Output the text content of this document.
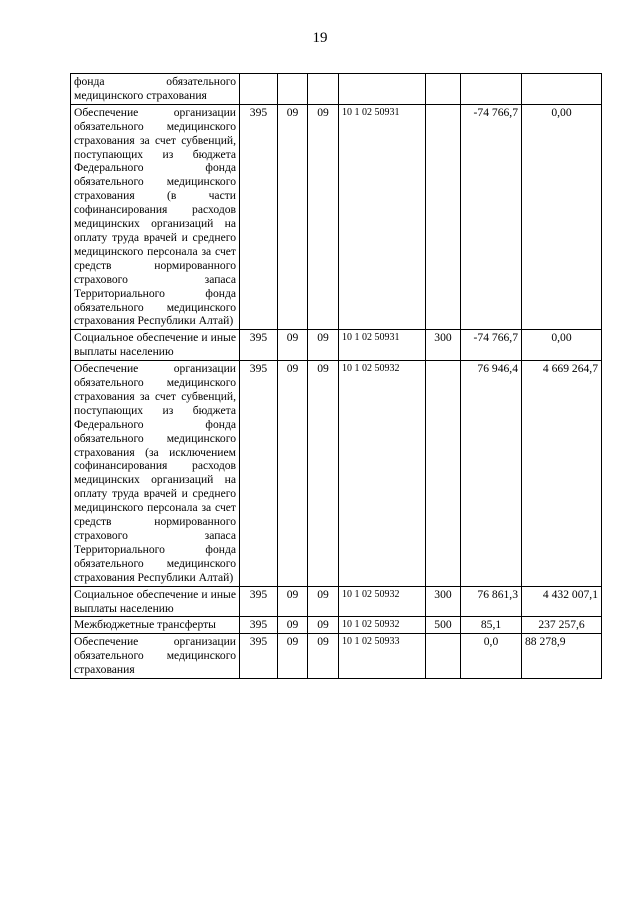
19
фонда обязательного медицинского страхования							
Обеспечение организации обязательного медицинского страхования за счет субвенций, поступающих из бюджета Федерального фонда обязательного медицинского страхования (в части софинансирования расходов медицинских организаций на оплату труда врачей и среднего медицинского персонала за счет средств нормированного страхового запаса Территориального фонда обязательного медицинского страхования Республики Алтай)	395	09	09	10 1 02 50931		-74 766,7	0,00
Социальное обеспечение и иные выплаты населению	395	09	09	10 1 02 50931	300	-74 766,7	0,00
Обеспечение организации обязательного медицинского страхования за счет субвенций, поступающих из бюджета Федерального фонда обязательного медицинского страхования (за исключением софинансирования расходов медицинских организаций на оплату труда врачей и среднего медицинского персонала за счет средств нормированного страхового запаса Территориального фонда обязательного медицинского страхования Республики Алтай)	395	09	09	10 1 02 50932		76 946,4	4 669 264,7
Социальное обеспечение и иные выплаты населению	395	09	09	10 1 02 50932	300	76 861,3	4 432 007,1
Межбюджетные трансферты	395	09	09	10 1 02 50932	500	85,1	237 257,6
Обеспечение организации обязательного медицинского страхования	395	09	09	10 1 02 50933		0,0	88 278,9
